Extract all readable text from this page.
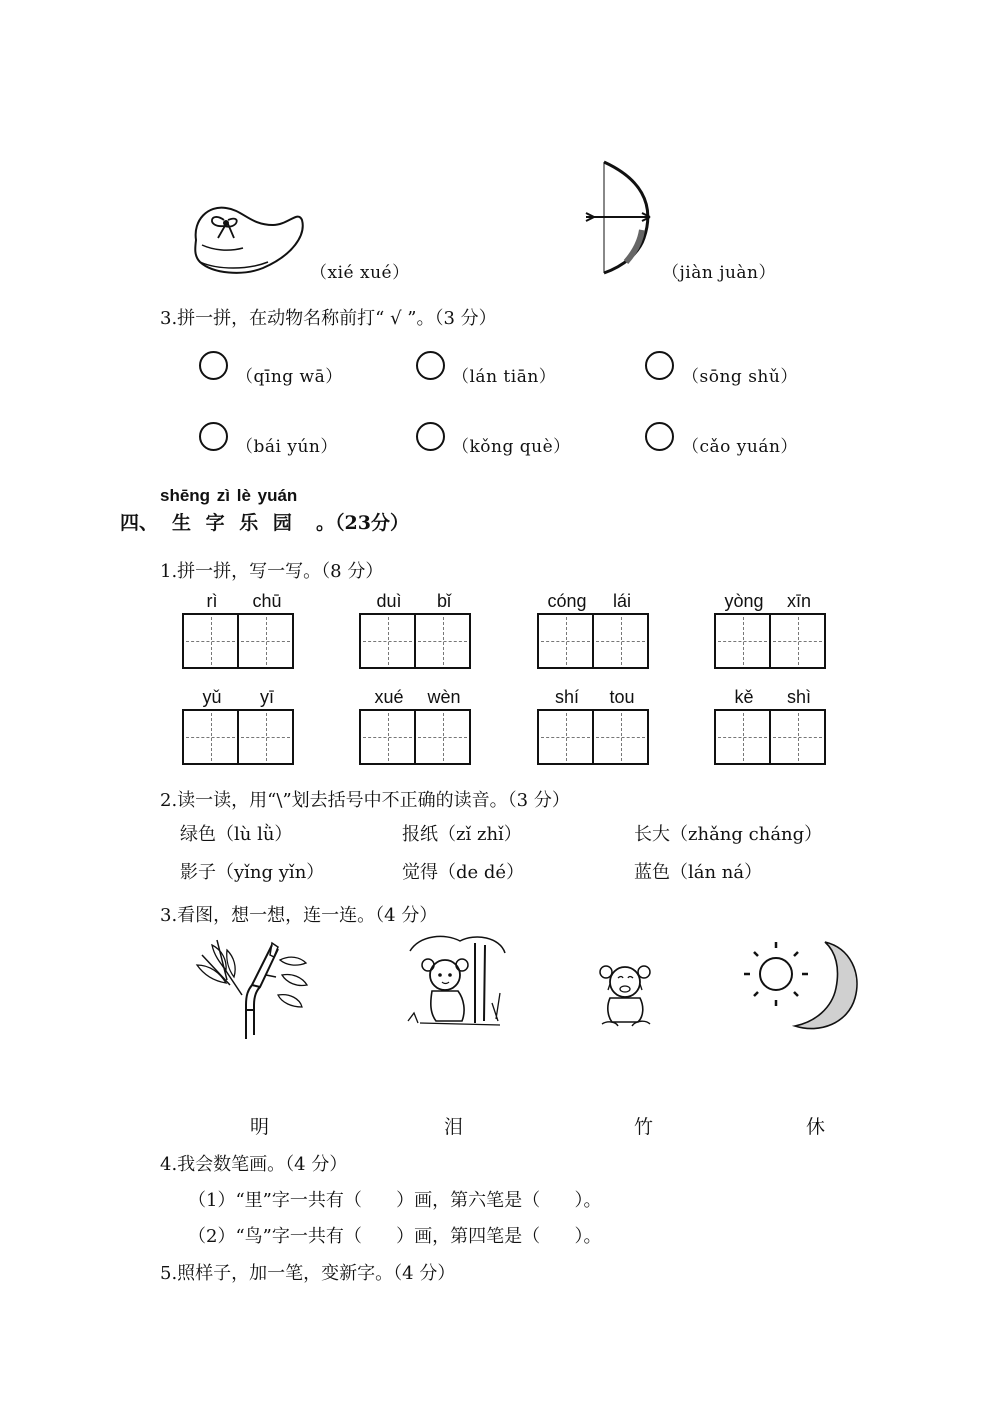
（xié xué）	（jiàn juàn）
3.拼一拼，在动物名称前打“ √ ”。（3 分）
（qīng wā）	（lán tiān）	（sōng shǔ）
（bái yún）	（kǒng què）	（cǎo yuán）
shēng zì lè yuán
四、 生 字 乐 园 。（23分）
1.拼一拼，写一写。（8 分）
rì	chū	duì	bǐ	cóng	lái	yòng	xīn
yǔ	yī	xué	wèn	shí	tou	kě	shì
2.读一读，用“\”划去括号中不正确的读音。（3 分）
绿色（lù lǜ）	报纸（zǐ zhǐ）	长大（zhǎng cháng）
影子（yǐng yǐn）	觉得（de dé）	蓝色（lán ná）
3.看图，想一想，连一连。（4 分）
明	泪	竹	休
4.我会数笔画。（4 分）
（1）“里”字一共有（      ）画，第六笔是（      ）。
（2）“鸟”字一共有（      ）画，第四笔是（      ）。
5.照样子，加一笔，变新字。（4 分）
